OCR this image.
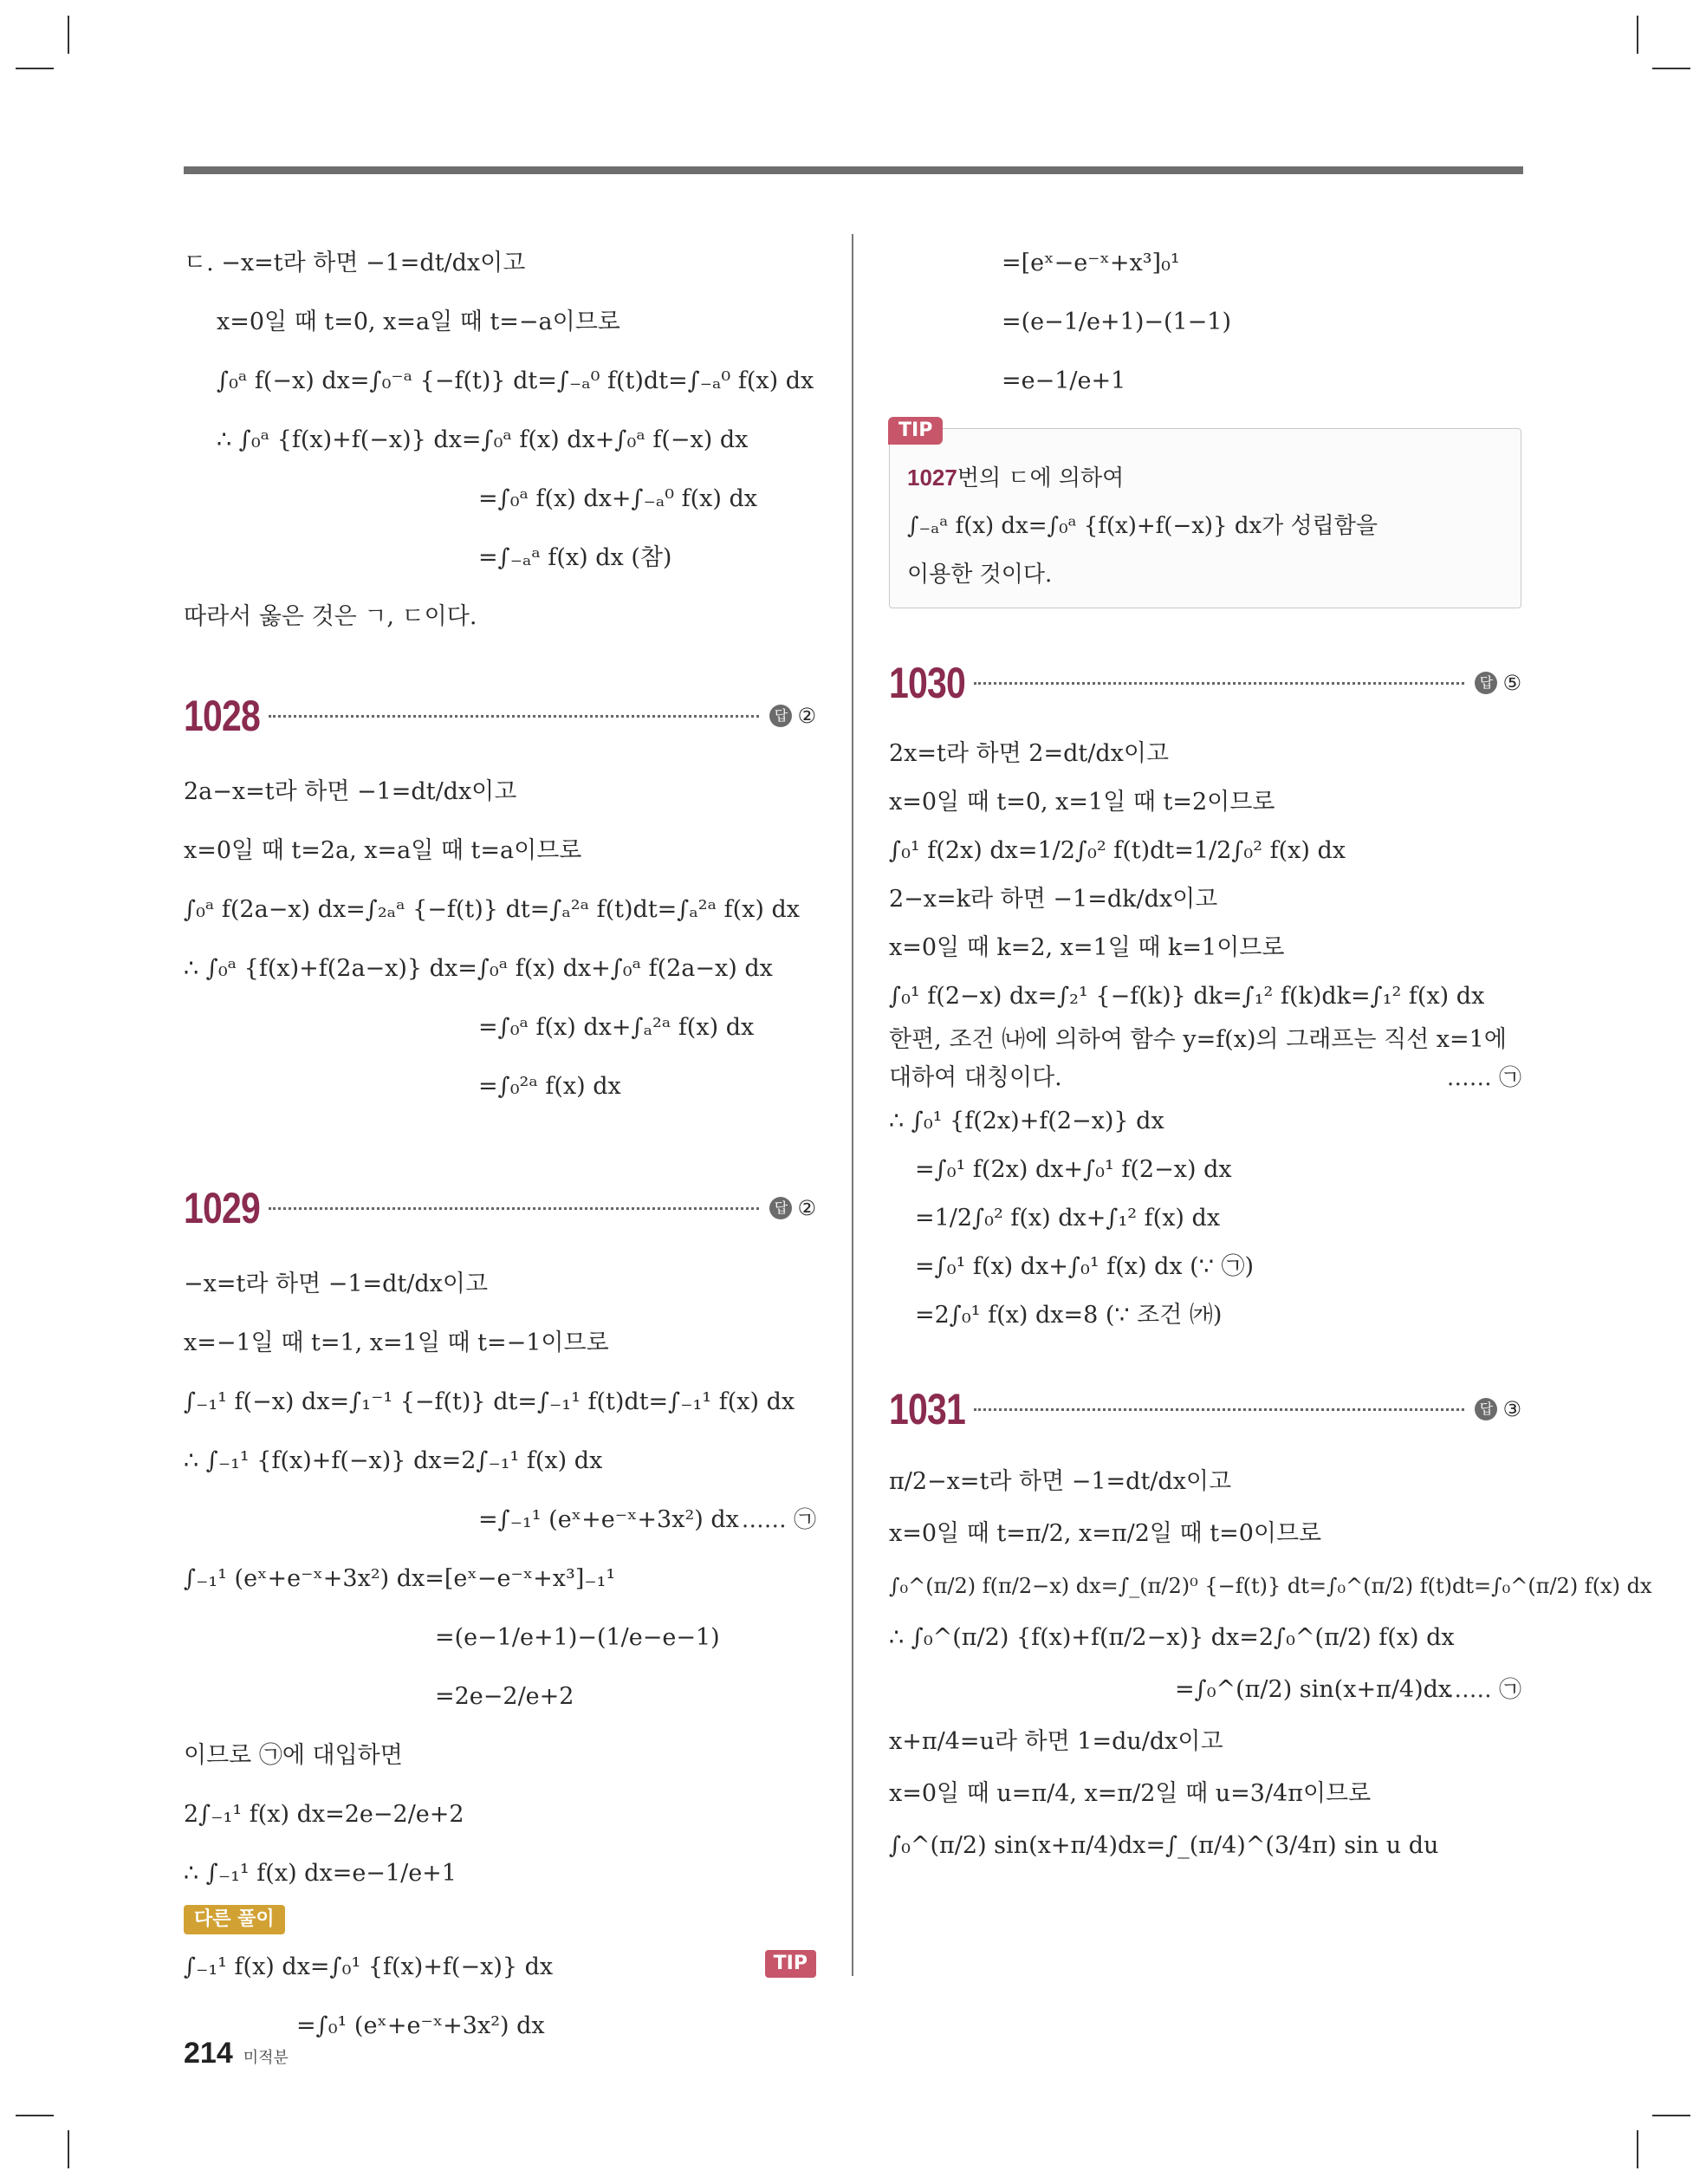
ㄷ. −x=t라 하면 −1=dt/dx이고
x=0일 때 t=0, x=a일 때 t=−a이므로
∫₀ᵃ f(−x) dx=∫₀⁻ᵃ {−f(t)} dt=∫₋ₐ⁰ f(t)dt=∫₋ₐ⁰ f(x) dx
∴ ∫₀ᵃ {f(x)+f(−x)} dx=∫₀ᵃ f(x) dx+∫₀ᵃ f(−x) dx
=∫₀ᵃ f(x) dx+∫₋ₐ⁰ f(x) dx
=∫₋ₐᵃ f(x) dx (참)
따라서 옳은 것은 ㄱ, ㄷ이다.
1028	답 ②
2a−x=t라 하면 −1=dt/dx이고
x=0일 때 t=2a, x=a일 때 t=a이므로
∫₀ᵃ f(2a−x) dx=∫₂ₐᵃ {−f(t)} dt=∫ₐ²ᵃ f(t)dt=∫ₐ²ᵃ f(x) dx
∴ ∫₀ᵃ {f(x)+f(2a−x)} dx=∫₀ᵃ f(x) dx+∫₀ᵃ f(2a−x) dx
=∫₀ᵃ f(x) dx+∫ₐ²ᵃ f(x) dx
=∫₀²ᵃ f(x) dx
1029	답 ②
−x=t라 하면 −1=dt/dx이고
x=−1일 때 t=1, x=1일 때 t=−1이므로
∫₋₁¹ f(−x) dx=∫₁⁻¹ {−f(t)} dt=∫₋₁¹ f(t)dt=∫₋₁¹ f(x) dx
∴ ∫₋₁¹ {f(x)+f(−x)} dx=2∫₋₁¹ f(x) dx
=∫₋₁¹ (eˣ+e⁻ˣ+3x²) dx …… ㉠
∫₋₁¹ (eˣ+e⁻ˣ+3x²) dx=[eˣ−e⁻ˣ+x³]₋₁¹
=(e−1/e+1)−(1/e−e−1)
=2e−2/e+2
이므로 ㉠에 대입하면
2∫₋₁¹ f(x) dx=2e−2/e+2
∴ ∫₋₁¹ f(x) dx=e−1/e+1
다른 풀이
∫₋₁¹ f(x) dx=∫₀¹ {f(x)+f(−x)} dx	TIP
=∫₀¹ (eˣ+e⁻ˣ+3x²) dx
=[eˣ−e⁻ˣ+x³]₀¹
=(e−1/e+1)−(1−1)
=e−1/e+1
TIP
1027번의 ㄷ에 의하여
∫₋ₐᵃ f(x) dx=∫₀ᵃ {f(x)+f(−x)} dx가 성립함을
이용한 것이다.
1030	답 ⑤
2x=t라 하면 2=dt/dx이고
x=0일 때 t=0, x=1일 때 t=2이므로
∫₀¹ f(2x) dx=1/2∫₀² f(t)dt=1/2∫₀² f(x) dx
2−x=k라 하면 −1=dk/dx이고
x=0일 때 k=2, x=1일 때 k=1이므로
∫₀¹ f(2−x) dx=∫₂¹ {−f(k)} dk=∫₁² f(k)dk=∫₁² f(x) dx
한편, 조건 ㈏에 의하여 함수 y=f(x)의 그래프는 직선 x=1에
대하여 대칭이다.	…… ㉠
∴ ∫₀¹ {f(2x)+f(2−x)} dx
=∫₀¹ f(2x) dx+∫₀¹ f(2−x) dx
=1/2∫₀² f(x) dx+∫₁² f(x) dx
=∫₀¹ f(x) dx+∫₀¹ f(x) dx (∵ ㉠)
=2∫₀¹ f(x) dx=8 (∵ 조건 ㈎)
1031	답 ③
π/2−x=t라 하면 −1=dt/dx이고
x=0일 때 t=π/2, x=π/2일 때 t=0이므로
∫₀^(π/2) f(π/2−x) dx=∫_(π/2)⁰ {−f(t)} dt=∫₀^(π/2) f(t)dt=∫₀^(π/2) f(x) dx
∴ ∫₀^(π/2) {f(x)+f(π/2−x)} dx=2∫₀^(π/2) f(x) dx
=∫₀^(π/2) sin(x+π/4)dx
…… ㉠
x+π/4=u라 하면 1=du/dx이고
x=0일 때 u=π/4, x=π/2일 때 u=3/4π이므로
∫₀^(π/2) sin(x+π/4)dx=∫_(π/4)^(3/4π) sin u du
214 미적분
